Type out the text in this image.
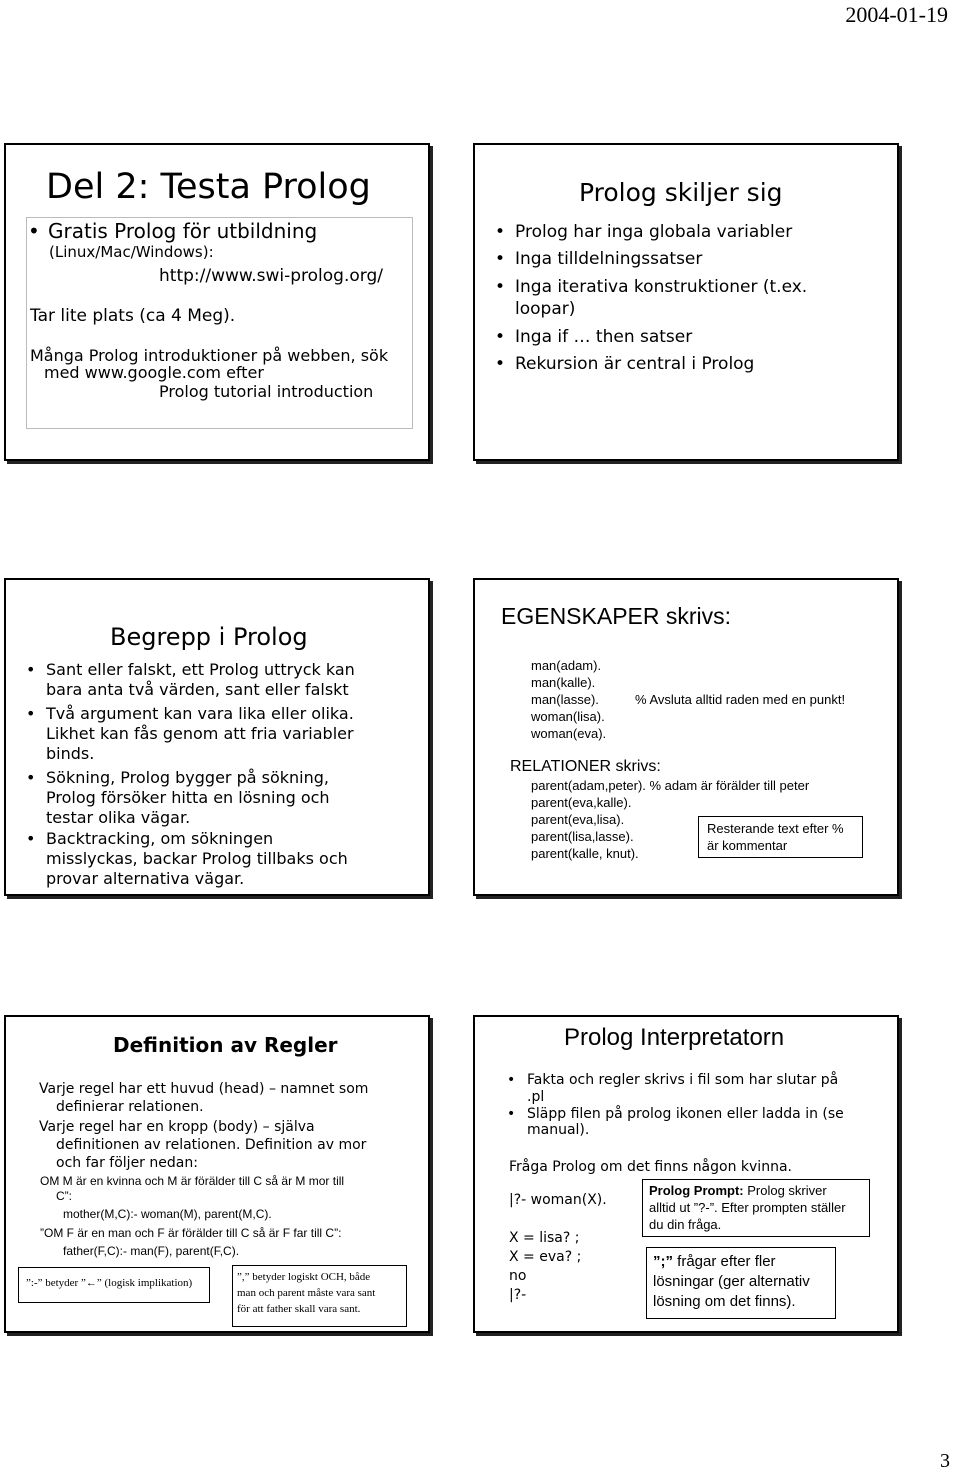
2004-01-19
3
Del 2: Testa Prolog
• Gratis Prolog för utbildning
(Linux/Mac/Windows):
http://www.swi-prolog.org/
Tar lite plats (ca 4 Meg).
Många Prolog introduktioner på webben, sök
med www.google.com efter
Prolog tutorial introduction
Prolog skiljer sig
• Prolog har inga globala variabler
• Inga tilldelningssatser
• Inga iterativa konstruktioner (t.ex.
loopar)
• Inga if … then satser
• Rekursion är central i Prolog
Begrepp i Prolog
• Sant eller falskt, ett Prolog uttryck kan
bara anta två värden, sant eller falskt
• Två argument kan vara lika eller olika.
Likhet kan fås genom att fria variabler
binds.
• Sökning, Prolog bygger på sökning,
Prolog försöker hitta en lösning och
testar olika vägar.
• Backtracking, om sökningen
misslyckas, backar Prolog tillbaks och
provar alternativa vägar.
EGENSKAPER skrivs:
man(adam).
man(kalle).
man(lasse).
woman(lisa).
woman(eva).
% Avsluta alltid raden med en punkt!
RELATIONER skrivs:
parent(adam,peter). % adam är förälder till peter
parent(eva,kalle).
parent(eva,lisa).
parent(lisa,lasse).
parent(kalle, knut).
Resterande text efter %
är kommentar
Definition av Regler
Varje regel har ett huvud (head) – namnet som
definierar relationen.
Varje regel har en kropp (body) – själva
definitionen av relationen. Definition av mor
och far följer nedan:
OM M är en kvinna och M är förälder till C så är M mor till
C”:
mother(M,C):- woman(M), parent(M,C).
”OM F är en man och F är förälder till C så är F far till C”:
father(F,C):- man(F), parent(F,C).
”:-” betyder ”←” (logisk implikation)	”,” betyder logiskt OCH, både
man och parent måste vara sant
för att father skall vara sant.
Prolog Interpretatorn
• Fakta och regler skrivs i fil som har slutar på
.pl
• Släpp filen på prolog ikonen eller ladda in (se
manual).
Fråga Prolog om det finns någon kvinna.
|?- woman(X).
X = lisa? ;
X = eva? ;
no
|?-
Prolog Prompt: Prolog skriver
alltid ut ”?-”. Efter prompten ställer
du din fråga.
”;” frågar efter fler
lösningar (ger alternativ
lösning om det finns).
